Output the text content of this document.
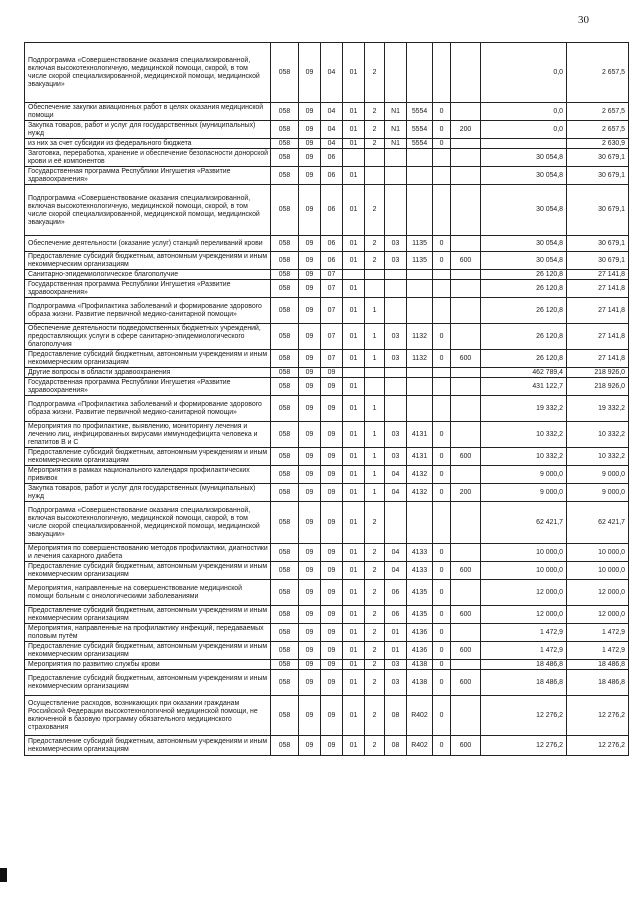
30
Подпрограмма «Совершенствование оказания специализированной, включая высокотехнологичную, медицинской помощи, скорой, в том числе скорой специализированной, медицинской помощи, медицинской эвакуации»	058	09	04	01	2					0,0	2 657,5
Обеспечение закупки авиационных работ в целях оказания медицинской помощи	058	09	04	01	2	N1	5554	0		0,0	2 657,5
Закупка товаров, работ и услуг для государственных (муниципальных) нужд	058	09	04	01	2	N1	5554	0	200	0,0	2 657,5
из них за счет субсидии из федерального бюджета	058	09	04	01	2	N1	5554	0			2 630,9
Заготовка, переработка, хранение и обеспечение безопасности донорской крови и её компонентов	058	09	06							30 054,8	30 679,1
Государственная программа Республики Ингушетия «Развитие здравоохранения»	058	09	06	01						30 054,8	30 679,1
Подпрограмма «Совершенствование оказания специализированной, включая высокотехнологичную, медицинской помощи, скорой, в том числе скорой специализированной, медицинской помощи, медицинской эвакуации»	058	09	06	01	2					30 054,8	30 679,1
Обеспечение деятельности (оказание услуг) станций переливаний крови	058	09	06	01	2	03	1135	0		30 054,8	30 679,1
Предоставление субсидий бюджетным, автономным учреждениям и иным некоммерческим организациям	058	09	06	01	2	03	1135	0	600	30 054,8	30 679,1
Санитарно-эпидемиологическое благополучие	058	09	07							26 120,8	27 141,8
Государственная программа Республики Ингушетия «Развитие здравоохранения»	058	09	07	01						26 120,8	27 141,8
Подпрограмма «Профилактика заболеваний и формирование здорового образа жизни. Развитие первичной медико-санитарной помощи»	058	09	07	01	1					26 120,8	27 141,8
Обеспечение деятельности подведомственных бюджетных учреждений, предоставляющих услуги в сфере санитарно-эпидемиологического благополучия	058	09	07	01	1	03	1132	0		26 120,8	27 141,8
Предоставление субсидий бюджетным, автономным учреждениям и иным некоммерческим организациям	058	09	07	01	1	03	1132	0	600	26 120,8	27 141,8
Другие вопросы в области здравоохранения	058	09	09							462 789,4	218 926,0
Государственная программа Республики Ингушетия «Развитие здравоохранения»	058	09	09	01						431 122,7	218 926,0
Подпрограмма «Профилактика заболеваний и формирование здорового образа жизни. Развитие первичной медико-санитарной помощи»	058	09	09	01	1					19 332,2	19 332,2
Мероприятия по профилактике, выявлению, мониторингу лечения и лечению лиц, инфицированных вирусами иммунодефицита человека и гепатитов В и С	058	09	09	01	1	03	4131	0		10 332,2	10 332,2
Предоставление субсидий бюджетным, автономным учреждениям и иным некоммерческим организациям	058	09	09	01	1	03	4131	0	600	10 332,2	10 332,2
Мероприятия в рамках национального календаря профилактических прививок	058	09	09	01	1	04	4132	0		9 000,0	9 000,0
Закупка товаров, работ и услуг для государственных (муниципальных) нужд	058	09	09	01	1	04	4132	0	200	9 000,0	9 000,0
Подпрограмма «Совершенствование оказания специализированной, включая высокотехнологичную, медицинской помощи, скорой, в том числе скорой специализированной, медицинской помощи, медицинской эвакуации»	058	09	09	01	2					62 421,7	62 421,7
Мероприятия по совершенствованию методов профилактики, диагностики и лечения сахарного диабета	058	09	09	01	2	04	4133	0		10 000,0	10 000,0
Предоставление субсидий бюджетным, автономным учреждениям и иным некоммерческим организациям	058	09	09	01	2	04	4133	0	600	10 000,0	10 000,0
Мероприятия, направленные на совершенствование медицинской помощи больным с онкологическими заболеваниями	058	09	09	01	2	06	4135	0		12 000,0	12 000,0
Предоставление субсидий бюджетным, автономным учреждениям и иным некоммерческим организациям	058	09	09	01	2	06	4135	0	600	12 000,0	12 000,0
Мероприятия, направленные на профилактику инфекций, передаваемых половым путём	058	09	09	01	2	01	4136	0		1 472,9	1 472,9
Предоставление субсидий бюджетным, автономным учреждениям и иным некоммерческим организациям	058	09	09	01	2	01	4136	0	600	1 472,9	1 472,9
Мероприятия по развитию службы крови	058	09	09	01	2	03	4138	0		18 486,8	18 486,8
Предоставление субсидий бюджетным, автономным учреждениям и иным некоммерческим организациям	058	09	09	01	2	03	4138	0	600	18 486,8	18 486,8
Осуществление расходов, возникающих при оказании гражданам Российской Федерации высокотехнологичной медицинской помощи, не включенной в базовую программу обязательного медицинского страхования	058	09	09	01	2	08	R402	0		12 276,2	12 276,2
Предоставление субсидий бюджетным, автономным учреждениям и иным некоммерческим организациям	058	09	09	01	2	08	R402	0	600	12 276,2	12 276,2
